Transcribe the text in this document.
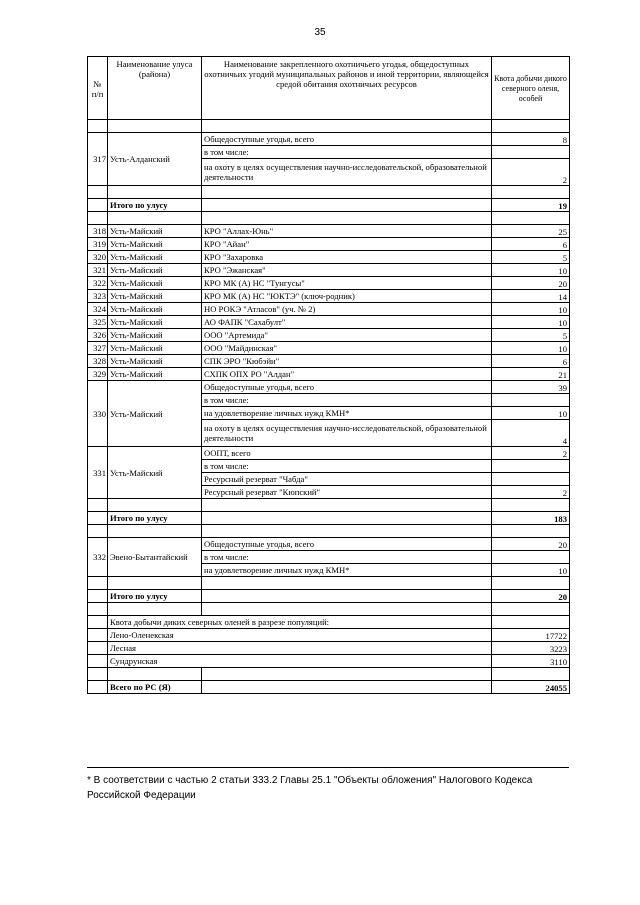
35
№ п/п	Наименование улуса (района)	Наименование закрепленного охотничьего угодья, общедоступных охотничьих угодий муниципальных районов и иной территории, являющейся средой обитания охотничьих ресурсов	Квота добычи дикого северного оленя, особей

317	Усть-Алданский	Общедоступные угодья, всего	8
		в том числе:	
		на охоту в целях осуществления научно-исследовательской, образовательной деятельности	2

	Итого по улусу		19

318	Усть-Майский	КРО "Аллах-Юнь"	25
319	Усть-Майский	КРО "Айан"	6
320	Усть-Майский	КРО "Захаровка	5
321	Усть-Майский	КРО "Эжанская"	10
322	Усть-Майский	КРО МК (А) НС "Тунгусы"	20
323	Усть-Майский	КРО МК (А) НС "ЮКТЭ" (ключ-родник)	14
324	Усть-Майский	НО РОКЭ "Атласов" (уч. № 2)	10
325	Усть-Майский	АО ФАПК "Сахабулт"	10
326	Усть-Майский	ООО "Артемида"	5
327	Усть-Майский	ООО "Майдинская"	10
328	Усть-Майский	СПК ЭРО "Кюбэйи"	6
329	Усть-Майский	СХПК ОПХ РО "Алдан"	21
330	Усть-Майский	Общедоступные угодья, всего	39
		в том числе:	
		на удовлетворение личных нужд КМН*	10
		на охоту в целях осуществления научно-исследовательской, образовательной деятельности	4
331	Усть-Майский	ООПТ, всего	2
		в том числе:	
		Ресурсный резерват "Чабда"	
		Ресурсный резерват "Кюпский"	2

	Итого по улусу		183

332	Эвено-Бытантайский	Общедоступные угодья, всего	20
		в том числе:	
		на удовлетворение личных нужд КМН*	10

	Итого по улусу		20

	Квота добычи диких северных оленей в разрезе популяций:		
	Лено-Оленекская		17722
	Лесная		3223
	Сундрунская		3110

	Всего по РС (Я)		24055
* В соответствии с частью 2 статьи 333.2 Главы 25.1 "Объекты обложения" Налогового Кодекса Российской Федерации
